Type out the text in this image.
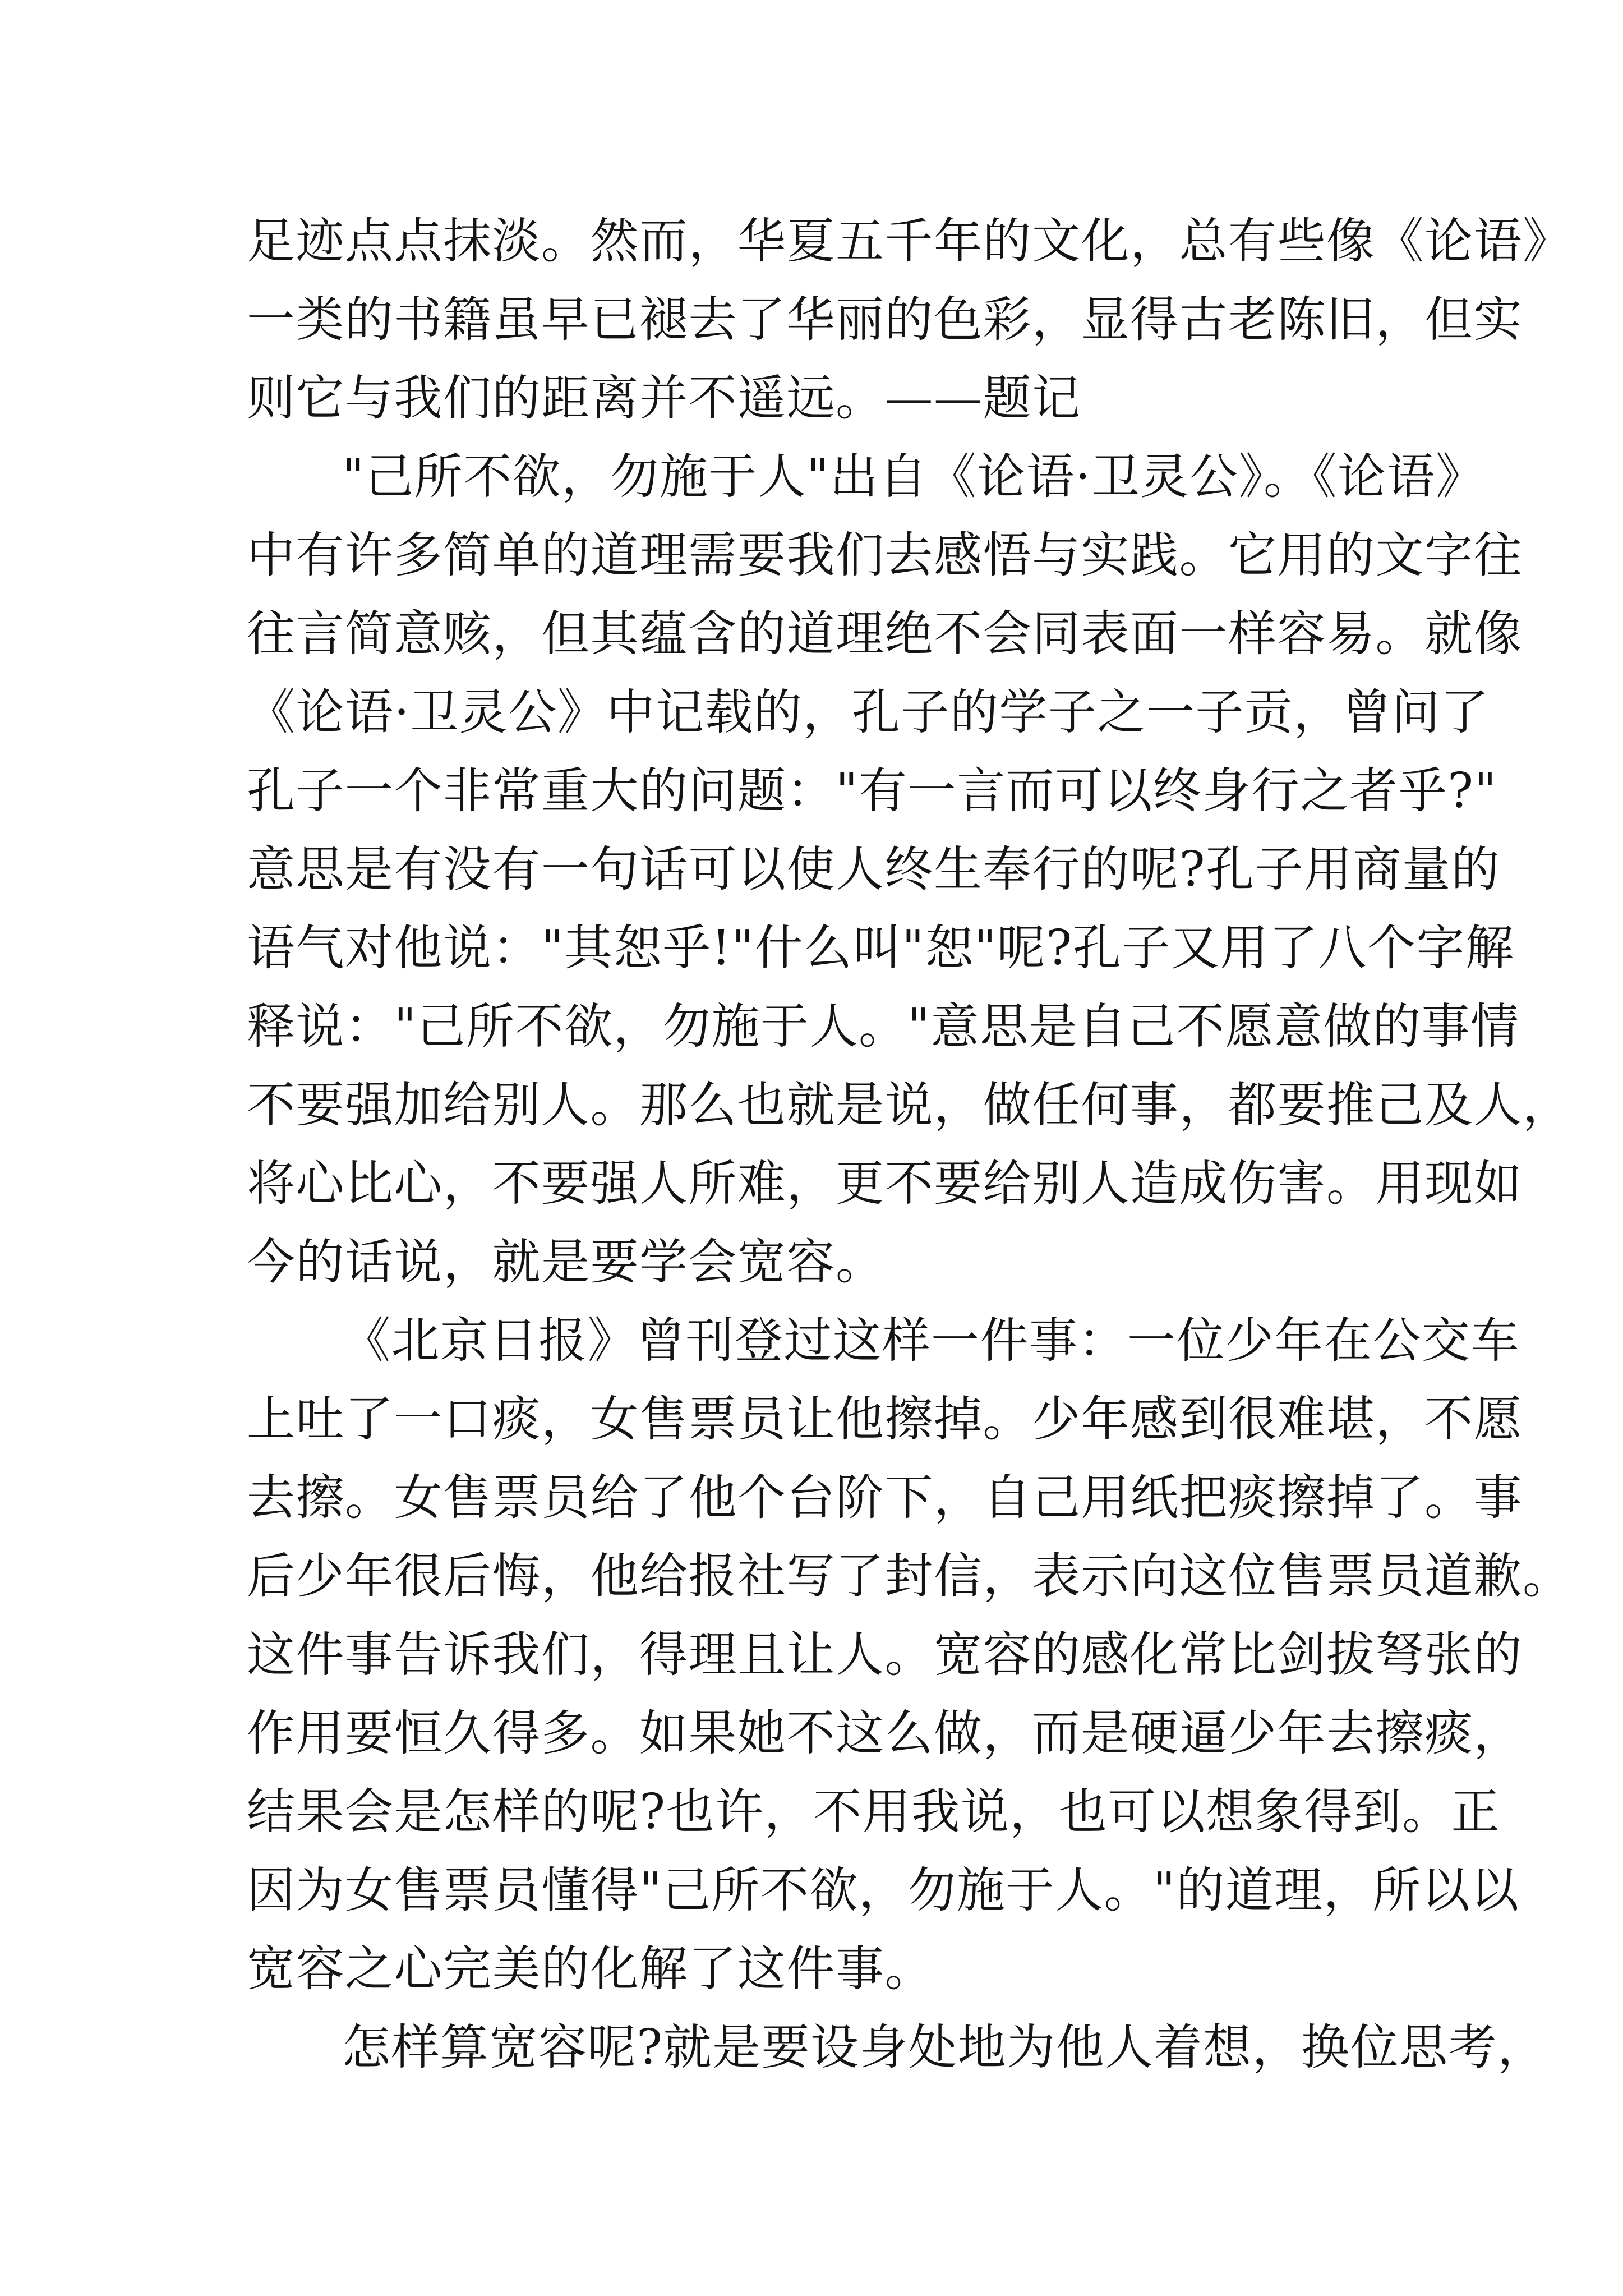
足迹点点抹淡。然而，华夏五千年的文化，总有些像《论语》
一类的书籍虽早已褪去了华丽的色彩，显得古老陈旧，但实
则它与我们的距离并不遥远。——题记
"己所不欲，勿施于人"出自《论语·卫灵公》。《论语》
中有许多简单的道理需要我们去感悟与实践。它用的文字往
往言简意赅，但其蕴含的道理绝不会同表面一样容易。就像
《论语·卫灵公》中记载的，孔子的学子之一子贡，曾问了
孔子一个非常重大的问题："有一言而可以终身行之者乎?"
意思是有没有一句话可以使人终生奉行的呢?孔子用商量的
语气对他说："其恕乎!"什么叫"恕"呢?孔子又用了八个字解
释说："己所不欲，勿施于人。"意思是自己不愿意做的事情
不要强加给别人。那么也就是说，做任何事，都要推己及人，
将心比心，不要强人所难，更不要给别人造成伤害。用现如
今的话说，就是要学会宽容。
《北京日报》曾刊登过这样一件事：一位少年在公交车
上吐了一口痰，女售票员让他擦掉。少年感到很难堪，不愿
去擦。女售票员给了他个台阶下，自己用纸把痰擦掉了。事
后少年很后悔，他给报社写了封信，表示向这位售票员道歉。
这件事告诉我们，得理且让人。宽容的感化常比剑拔弩张的
作用要恒久得多。如果她不这么做，而是硬逼少年去擦痰，
结果会是怎样的呢?也许，不用我说，也可以想象得到。正
因为女售票员懂得"己所不欲，勿施于人。"的道理，所以以
宽容之心完美的化解了这件事。
怎样算宽容呢?就是要设身处地为他人着想，换位思考，
